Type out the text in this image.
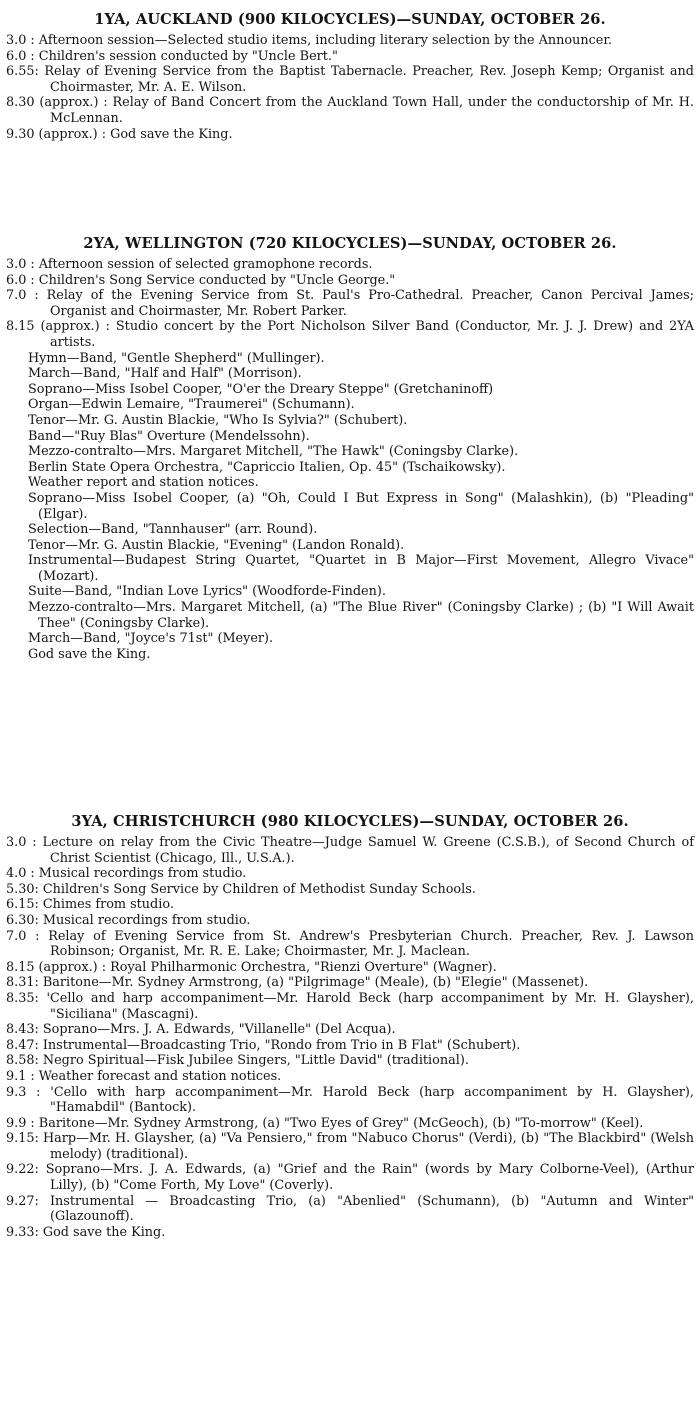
1YA, AUCKLAND (900 KILOCYCLES)—SUNDAY, OCTOBER 26.
3.0 : Afternoon session—Selected studio items, including literary selection by the Announcer.
6.0 : Children's session conducted by "Uncle Bert."
6.55: Relay of Evening Service from the Baptist Tabernacle. Preacher, Rev. Joseph Kemp; Organist and Choirmaster, Mr. A. E. Wilson.
8.30 (approx.) : Relay of Band Concert from the Auckland Town Hall, under the conductorship of Mr. H. McLennan.
9.30 (approx.) : God save the King.
2YA, WELLINGTON (720 KILOCYCLES)—SUNDAY, OCTOBER 26.
3.0 : Afternoon session of selected gramophone records.
6.0 : Children's Song Service conducted by "Uncle George."
7.0 : Relay of the Evening Service from St. Paul's Pro-Cathedral. Preacher, Canon Percival James; Organist and Choirmaster, Mr. Robert Parker.
8.15 (approx.) : Studio concert by the Port Nicholson Silver Band (Conductor, Mr. J. J. Drew) and 2YA artists.
Hymn—Band, "Gentle Shepherd" (Mullinger).
March—Band, "Half and Half" (Morrison).
Soprano—Miss Isobel Cooper, "O'er the Dreary Steppe" (Gretchaninoff)
Organ—Edwin Lemaire, "Traumerei" (Schumann).
Tenor—Mr. G. Austin Blackie, "Who Is Sylvia?" (Schubert).
Band—"Ruy Blas" Overture (Mendelssohn).
Mezzo-contralto—Mrs. Margaret Mitchell, "The Hawk" (Coningsby Clarke).
Berlin State Opera Orchestra, "Capriccio Italien, Op. 45" (Tschaikowsky).
Weather report and station notices.
Soprano—Miss Isobel Cooper, (a) "Oh, Could I But Express in Song" (Malashkin), (b) "Pleading" (Elgar).
Selection—Band, "Tannhauser" (arr. Round).
Tenor—Mr. G. Austin Blackie, "Evening" (Landon Ronald).
Instrumental—Budapest String Quartet, "Quartet in B Major—First Movement, Allegro Vivace" (Mozart).
Suite—Band, "Indian Love Lyrics" (Woodforde-Finden).
Mezzo-contralto—Mrs. Margaret Mitchell, (a) "The Blue River" (Coningsby Clarke) ; (b) "I Will Await Thee" (Coningsby Clarke).
March—Band, "Joyce's 71st" (Meyer).
God save the King.
3YA, CHRISTCHURCH (980 KILOCYCLES)—SUNDAY, OCTOBER 26.
3.0 : Lecture on relay from the Civic Theatre—Judge Samuel W. Greene (C.S.B.), of Second Church of Christ Scientist (Chicago, Ill., U.S.A.).
4.0 : Musical recordings from studio.
5.30: Children's Song Service by Children of Methodist Sunday Schools.
6.15: Chimes from studio.
6.30: Musical recordings from studio.
7.0 : Relay of Evening Service from St. Andrew's Presbyterian Church. Preacher, Rev. J. Lawson Robinson; Organist, Mr. R. E. Lake; Choirmaster, Mr. J. Maclean.
8.15 (approx.) : Royal Philharmonic Orchestra, "Rienzi Overture" (Wagner).
8.31: Baritone—Mr. Sydney Armstrong, (a) "Pilgrimage" (Meale), (b) "Elegie" (Massenet).
8.35: 'Cello and harp accompaniment—Mr. Harold Beck (harp accompaniment by Mr. H. Glaysher), "Siciliana" (Mascagni).
8.43: Soprano—Mrs. J. A. Edwards, "Villanelle" (Del Acqua).
8.47: Instrumental—Broadcasting Trio, "Rondo from Trio in B Flat" (Schubert).
8.58: Negro Spiritual—Fisk Jubilee Singers, "Little David" (traditional).
9.1 : Weather forecast and station notices.
9.3 : 'Cello with harp accompaniment—Mr. Harold Beck (harp accompaniment by H. Glaysher), "Hamabdil" (Bantock).
9.9 : Baritone—Mr. Sydney Armstrong, (a) "Two Eyes of Grey" (McGeoch), (b) "To-morrow" (Keel).
9.15: Harp—Mr. H. Glaysher, (a) "Va Pensiero," from "Nabuco Chorus" (Verdi), (b) "The Blackbird" (Welsh melody) (traditional).
9.22: Soprano—Mrs. J. A. Edwards, (a) "Grief and the Rain" (words by Mary Colborne-Veel), (Arthur Lilly), (b) "Come Forth, My Love" (Coverly).
9.27: Instrumental — Broadcasting Trio, (a) "Abenlied" (Schumann), (b) "Autumn and Winter" (Glazounoff).
9.33: God save the King.
